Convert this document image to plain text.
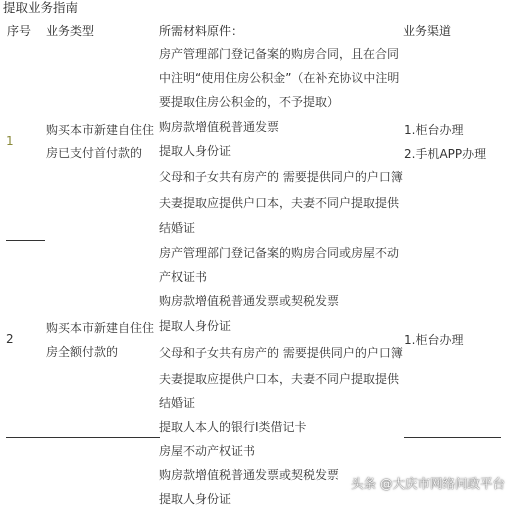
提取业务指南
序号 业务类型	所需材料原件：	业务渠道
房产管理部门登记备案的购房合同，且在合同
中注明“使用住房公积金”（在补充协议中注明
要提取住房公积金的，不予提取）
购房款增值税普通发票
提取人身份证
父母和子女共有房产的 需要提供同户的户口簿
夫妻提取应提供户口本，夫妻不同户提取提供
结婚证
1
购买本市新建自住住
房已支付首付款的
1.柜台办理
2.手机APP办理
房产管理部门登记备案的购房合同或房屋不动
产权证书
购房款增值税普通发票或契税发票
提取人身份证
父母和子女共有房产的 需要提供同户的户口簿
夫妻提取应提供户口本，夫妻不同户提取提供
结婚证
提取人本人的银行I类借记卡
2
购买本市新建自住住
房全额付款的
1.柜台办理
房屋不动产权证书
购房款增值税普通发票或契税发票
提取人身份证
头条 @大庆市网络问政平台
